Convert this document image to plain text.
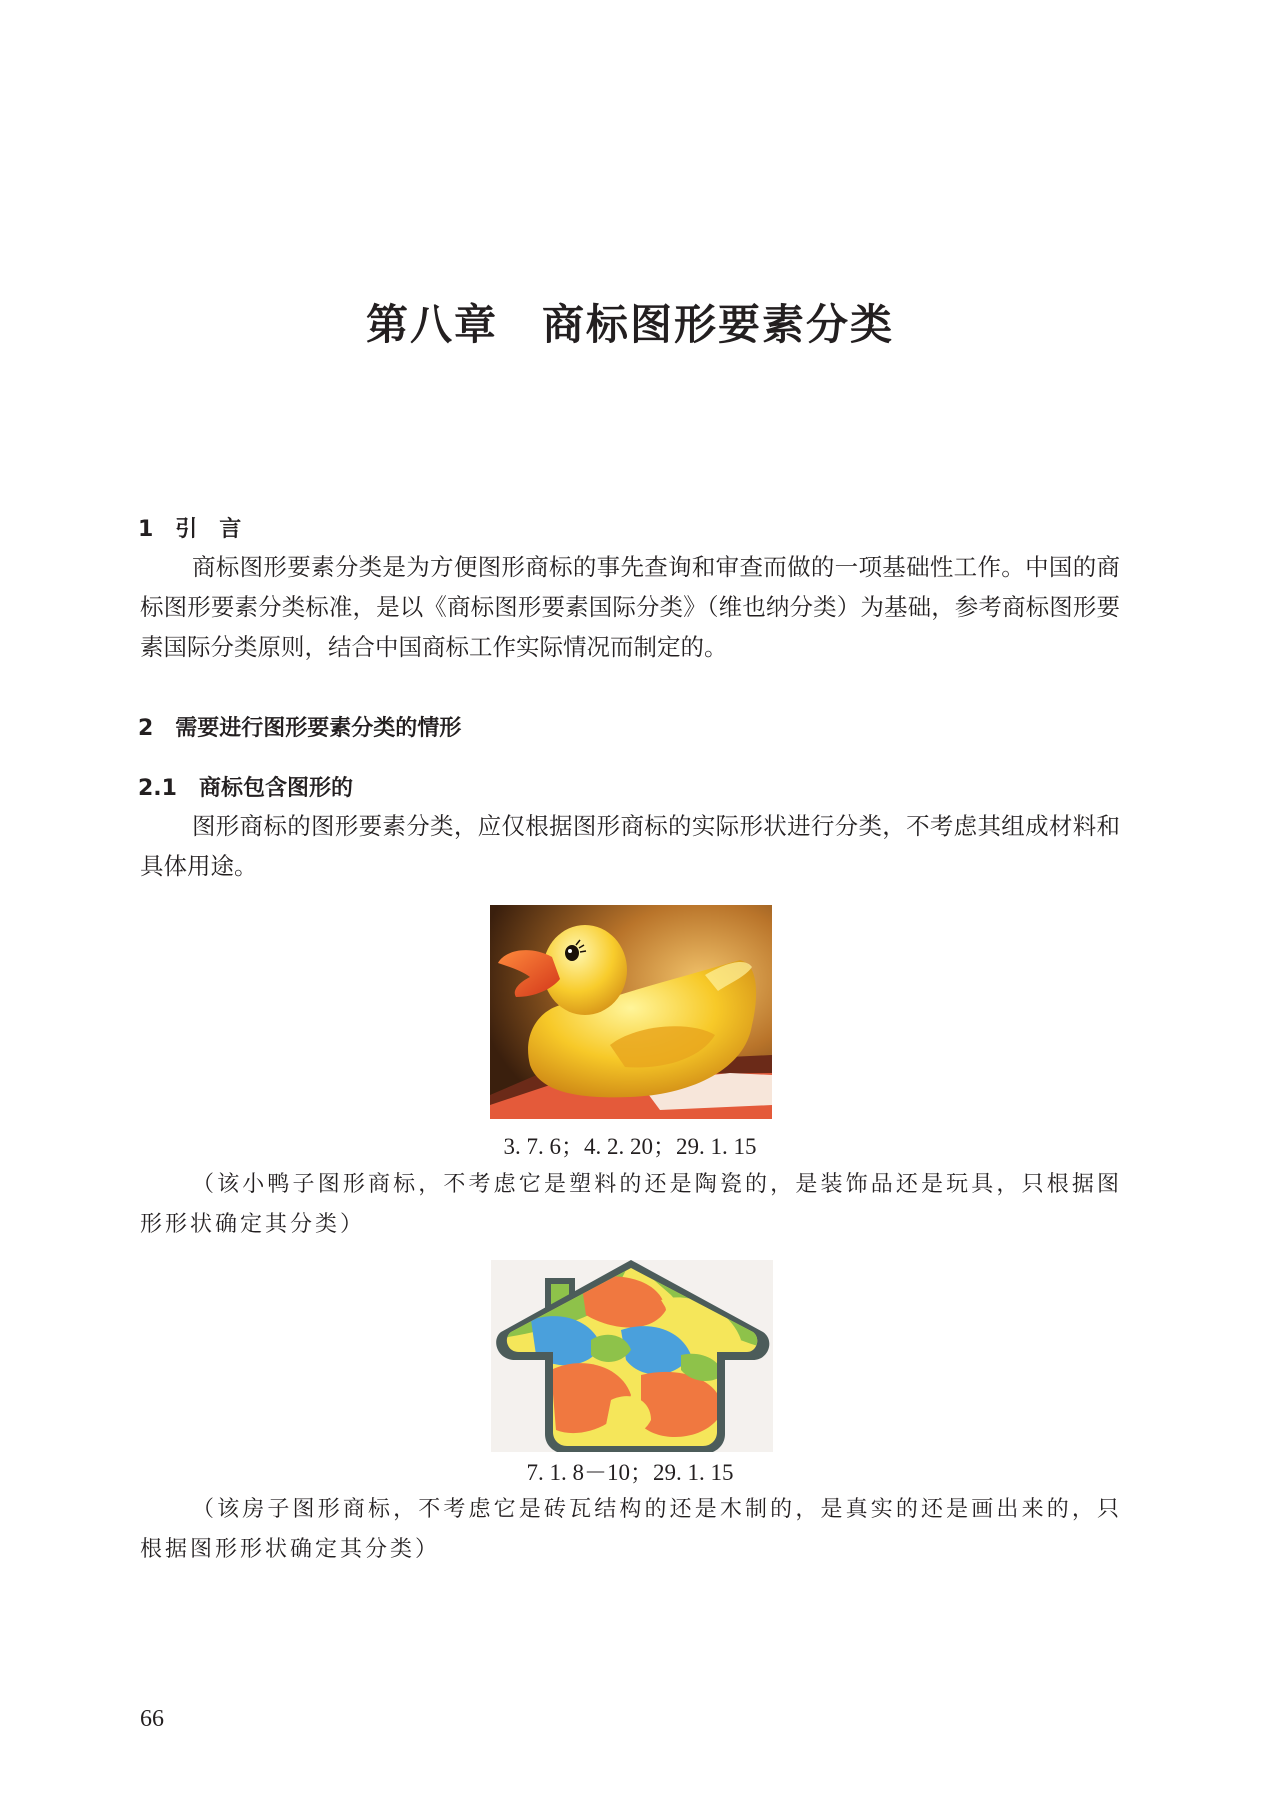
第八章　商标图形要素分类
1　引　言
商标图形要素分类是为方便图形商标的事先查询和审查而做的一项基础性工作。中国的商标图形要素分类标准，是以《商标图形要素国际分类》（维也纳分类）为基础，参考商标图形要素国际分类原则，结合中国商标工作实际情况而制定的。
2　需要进行图形要素分类的情形
2.1　商标包含图形的
图形商标的图形要素分类，应仅根据图形商标的实际形状进行分类，不考虑其组成材料和具体用途。
3. 7. 6；4. 2. 20；29. 1. 15
（该小鸭子图形商标，不考虑它是塑料的还是陶瓷的，是装饰品还是玩具，只根据图形形状确定其分类）
7. 1. 8－10；29. 1. 15
（该房子图形商标，不考虑它是砖瓦结构的还是木制的，是真实的还是画出来的，只根据图形形状确定其分类）
66
